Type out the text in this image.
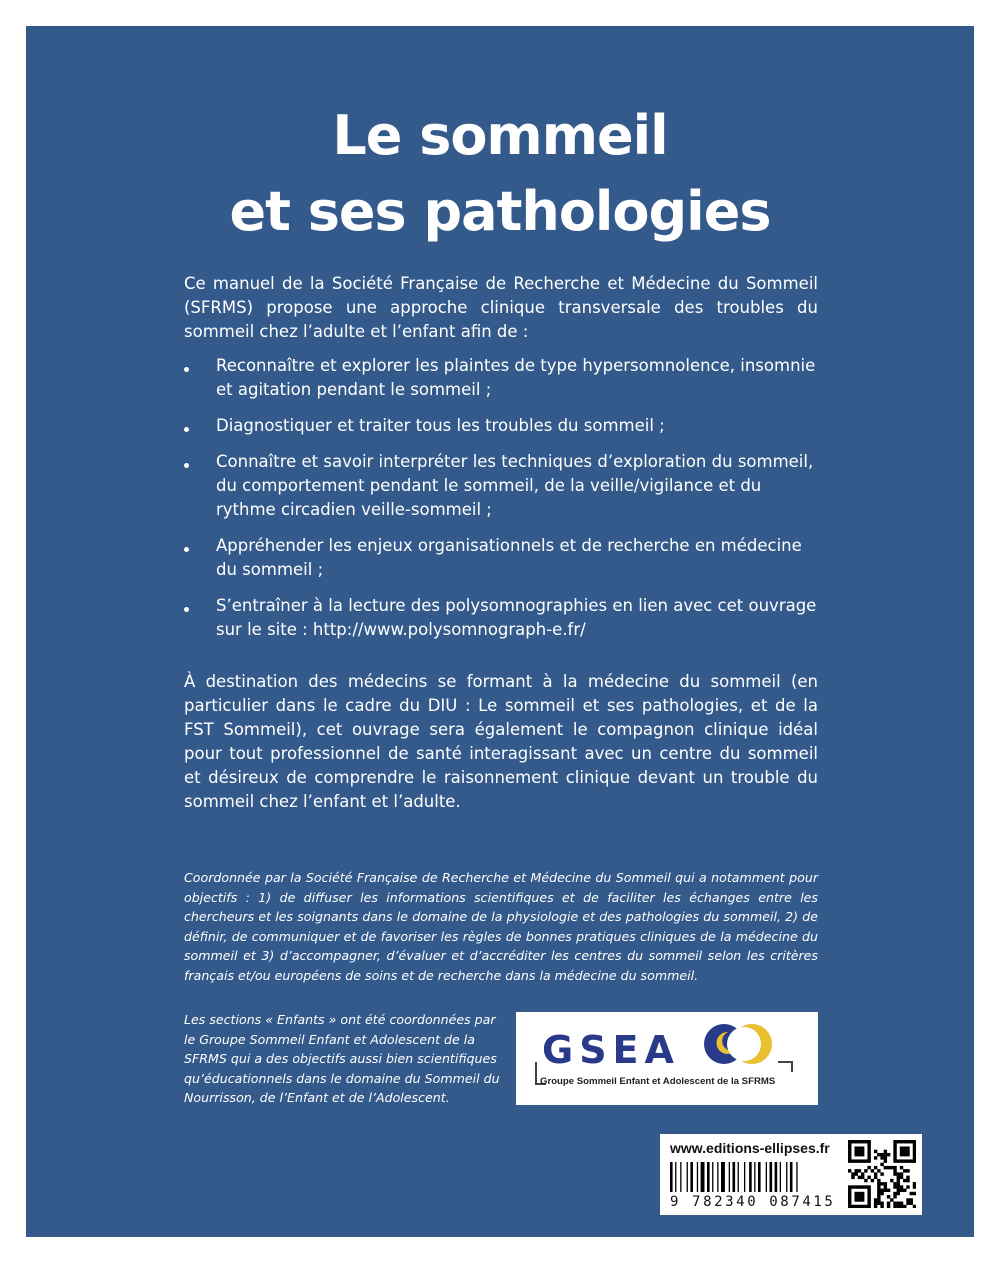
Le sommeil
et ses pathologies

Ce manuel de la Société Française de Recherche et Médecine du Sommeil (SFRMS) propose une approche clinique transversale des troubles du sommeil chez l’adulte et l’enfant afin de :

Reconnaître et explorer les plaintes de type hypersomnolence, insomnie et agitation pendant le sommeil ;
Diagnostiquer et traiter tous les troubles du sommeil ;
Connaître et savoir interpréter les techniques d’exploration du sommeil, du comportement pendant le sommeil, de la veille/vigilance et du rythme circadien veille-sommeil ;
Appréhender les enjeux organisationnels et de recherche en médecine du sommeil ;
S’entraîner à la lecture des polysomnographies en lien avec cet ouvrage sur le site : http://www.polysomnograph-e.fr/

À destination des médecins se formant à la médecine du sommeil (en particulier dans le cadre du DIU : Le sommeil et ses pathologies, et de la FST Sommeil), cet ouvrage sera également le compagnon clinique idéal pour tout professionnel de santé interagissant avec un centre du sommeil et désireux de comprendre le raisonnement clinique devant un trouble du sommeil chez l’enfant et l’adulte.

Coordonnée par la Société Française de Recherche et Médecine du Sommeil qui a notamment pour objectifs : 1) de diffuser les informations scientifiques et de faciliter les échanges entre les chercheurs et les soignants dans le domaine de la physiologie et des pathologies du sommeil, 2) de définir, de communiquer et de favoriser les règles de bonnes pratiques cliniques de la médecine du sommeil et 3) d’accompagner, d’évaluer et d’accréditer les centres du sommeil selon les critères français et/ou européens de soins et de recherche dans la médecine du sommeil.

Les sections « Enfants » ont été coordonnées par le Groupe Sommeil Enfant et Adolescent de la SFRMS qui a des objectifs aussi bien scientifiques qu’éducationnels dans le domaine du Sommeil du Nourrisson, de l’Enfant et de l’Adolescent.

GSEA
Groupe Sommeil Enfant et Adolescent de la SFRMS
www.editions-ellipses.fr
9 782340 087415
